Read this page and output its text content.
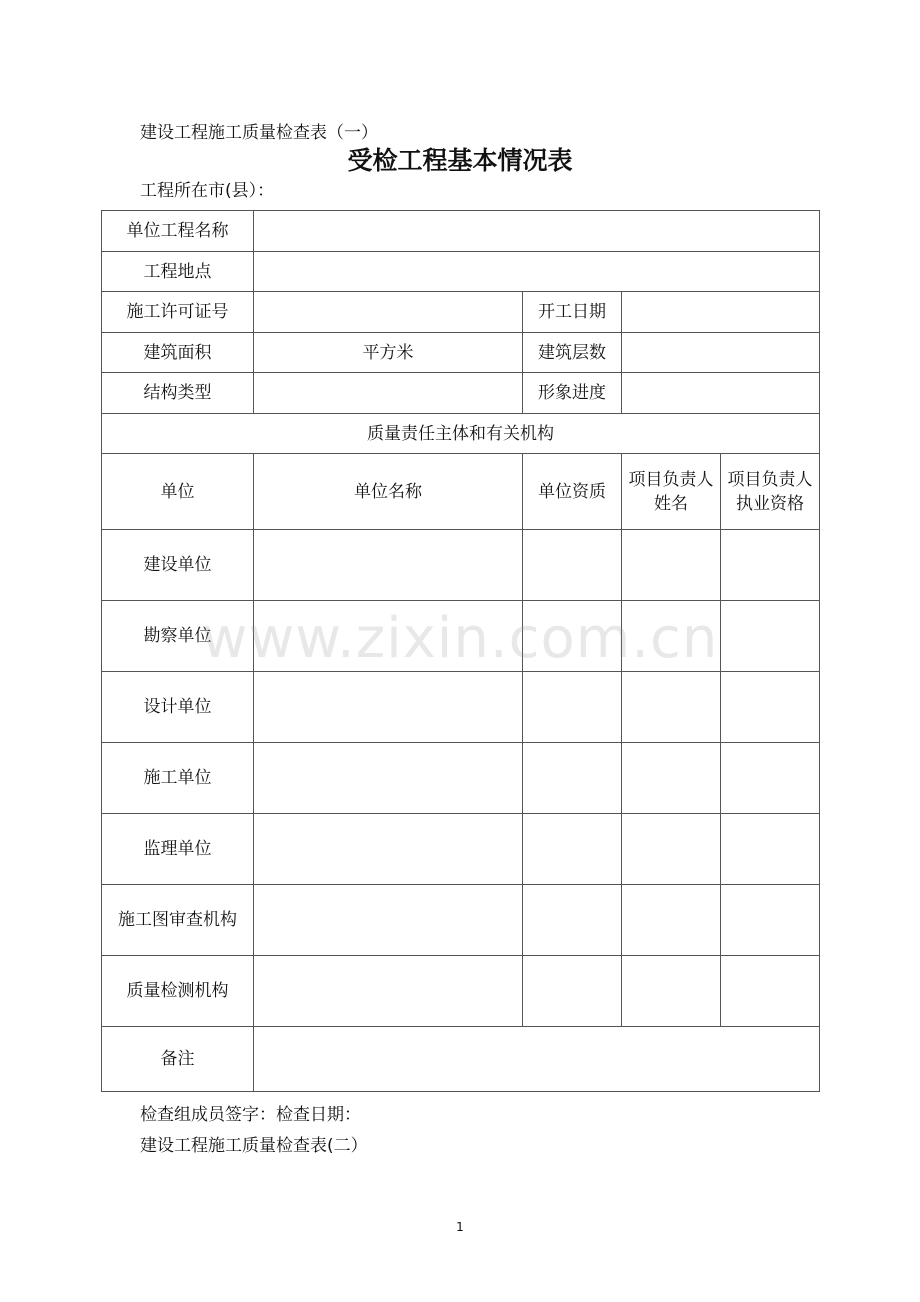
建设工程施工质量检查表（一）
受检工程基本情况表
工程所在市(县）：
单位工程名称				
工程地点				
施工许可证号		开工日期		
建筑面积	平方米	建筑层数		
结构类型		形象进度		
质量责任主体和有关机构				
单位	单位名称	单位资质	项目负责人姓名	项目负责人执业资格
建设单位				
勘察单位				
设计单位				
施工单位				
监理单位				
施工图审查机构				
质量检测机构				
备注				
www.zixin.com.cn
检查组成员签字：检查日期：
建设工程施工质量检查表(二）
1
